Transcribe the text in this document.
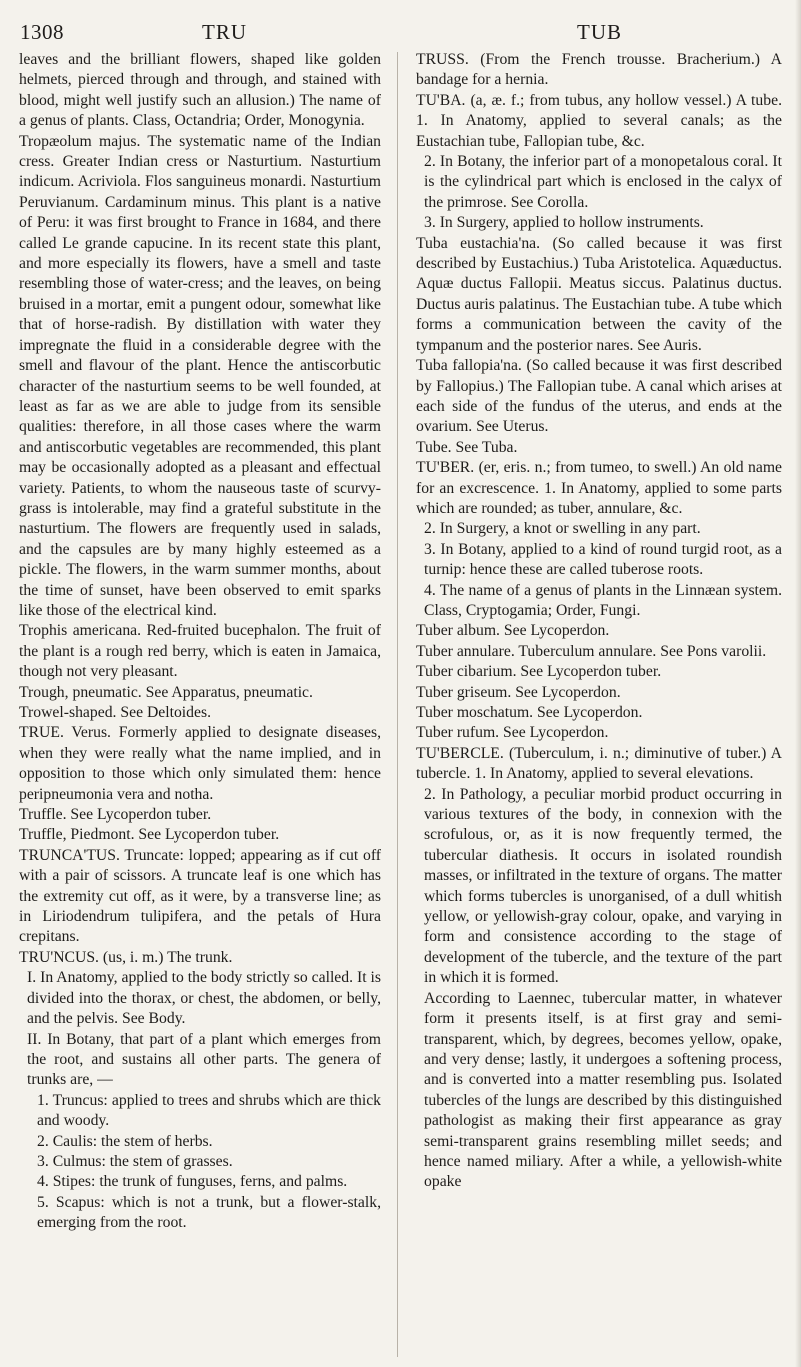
1308	TRU	TUB

leaves and the brilliant flowers, shaped like golden helmets, pierced through and through, and stained with blood, might well justify such an allusion.) The name of a genus of plants. Class, Octandria; Order, Monogynia.

Tropæolum majus. The systematic name of the Indian cress. Greater Indian cress or Nasturtium. Nasturtium indicum. Acriviola. Flos sanguineus monardi. Nasturtium Peruvianum. Cardaminum minus. This plant is a native of Peru: it was first brought to France in 1684, and there called Le grande capucine. In its recent state this plant, and more especially its flowers, have a smell and taste resembling those of water-cress; and the leaves, on being bruised in a mortar, emit a pungent odour, somewhat like that of horse-radish. By distillation with water they impregnate the fluid in a considerable degree with the smell and flavour of the plant. Hence the antiscorbutic character of the nasturtium seems to be well founded, at least as far as we are able to judge from its sensible qualities: therefore, in all those cases where the warm and antiscorbutic vegetables are recommended, this plant may be occasionally adopted as a pleasant and effectual variety. Patients, to whom the nauseous taste of scurvy-grass is intolerable, may find a grateful substitute in the nasturtium. The flowers are frequently used in salads, and the capsules are by many highly esteemed as a pickle. The flowers, in the warm summer months, about the time of sunset, have been observed to emit sparks like those of the electrical kind.

Trophis americana. Red-fruited bucephalon. The fruit of the plant is a rough red berry, which is eaten in Jamaica, though not very pleasant.

Trough, pneumatic. See Apparatus, pneumatic.

Trowel-shaped. See Deltoides.

TRUE. Verus. Formerly applied to designate diseases, when they were really what the name implied, and in opposition to those which only simulated them: hence peripneumonia vera and notha.

Truffle. See Lycoperdon tuber.

Truffle, Piedmont. See Lycoperdon tuber.

TRUNCA'TUS. Truncate: lopped; appearing as if cut off with a pair of scissors. A truncate leaf is one which has the extremity cut off, as it were, by a transverse line; as in Liriodendrum tulipifera, and the petals of Hura crepitans.

TRU'NCUS. (us, i. m.) The trunk.

I. In Anatomy, applied to the body strictly so called. It is divided into the thorax, or chest, the abdomen, or belly, and the pelvis. See Body.

II. In Botany, that part of a plant which emerges from the root, and sustains all other parts. The genera of trunks are, —

1. Truncus: applied to trees and shrubs which are thick and woody.

2. Caulis: the stem of herbs.

3. Culmus: the stem of grasses.

4. Stipes: the trunk of funguses, ferns, and palms.

5. Scapus: which is not a trunk, but a flower-stalk, emerging from the root.

TRUSS. (From the French trousse. Bracherium.) A bandage for a hernia.

TU'BA. (a, æ. f.; from tubus, any hollow vessel.) A tube. 1. In Anatomy, applied to several canals; as the Eustachian tube, Fallopian tube, &c.

2. In Botany, the inferior part of a monopetalous coral. It is the cylindrical part which is enclosed in the calyx of the primrose. See Corolla.

3. In Surgery, applied to hollow instruments.

Tuba eustachia'na. (So called because it was first described by Eustachius.) Tuba Aristotelica. Aquæductus. Aquæ ductus Fallopii. Meatus siccus. Palatinus ductus. Ductus auris palatinus. The Eustachian tube. A tube which forms a communication between the cavity of the tympanum and the posterior nares. See Auris.

Tuba fallopia'na. (So called because it was first described by Fallopius.) The Fallopian tube. A canal which arises at each side of the fundus of the uterus, and ends at the ovarium. See Uterus.

Tube. See Tuba.

TU'BER. (er, eris. n.; from tumeo, to swell.) An old name for an excrescence. 1. In Anatomy, applied to some parts which are rounded; as tuber, annulare, &c.

2. In Surgery, a knot or swelling in any part.

3. In Botany, applied to a kind of round turgid root, as a turnip: hence these are called tuberose roots.

4. The name of a genus of plants in the Linnæan system. Class, Cryptogamia; Order, Fungi.

Tuber album. See Lycoperdon.

Tuber annulare. Tuberculum annulare. See Pons varolii.

Tuber cibarium. See Lycoperdon tuber.

Tuber griseum. See Lycoperdon.

Tuber moschatum. See Lycoperdon.

Tuber rufum. See Lycoperdon.

TU'BERCLE. (Tuberculum, i. n.; diminutive of tuber.) A tubercle. 1. In Anatomy, applied to several elevations.

2. In Pathology, a peculiar morbid product occurring in various textures of the body, in connexion with the scrofulous, or, as it is now frequently termed, the tubercular diathesis. It occurs in isolated roundish masses, or infiltrated in the texture of organs. The matter which forms tubercles is unorganised, of a dull whitish yellow, or yellowish-gray colour, opake, and varying in form and consistence according to the stage of development of the tubercle, and the texture of the part in which it is formed.

According to Laennec, tubercular matter, in whatever form it presents itself, is at first gray and semi-transparent, which, by degrees, becomes yellow, opake, and very dense; lastly, it undergoes a softening process, and is converted into a matter resembling pus. Isolated tubercles of the lungs are described by this distinguished pathologist as making their first appearance as gray semi-transparent grains resembling millet seeds; and hence named miliary. After a while, a yellowish-white opake
